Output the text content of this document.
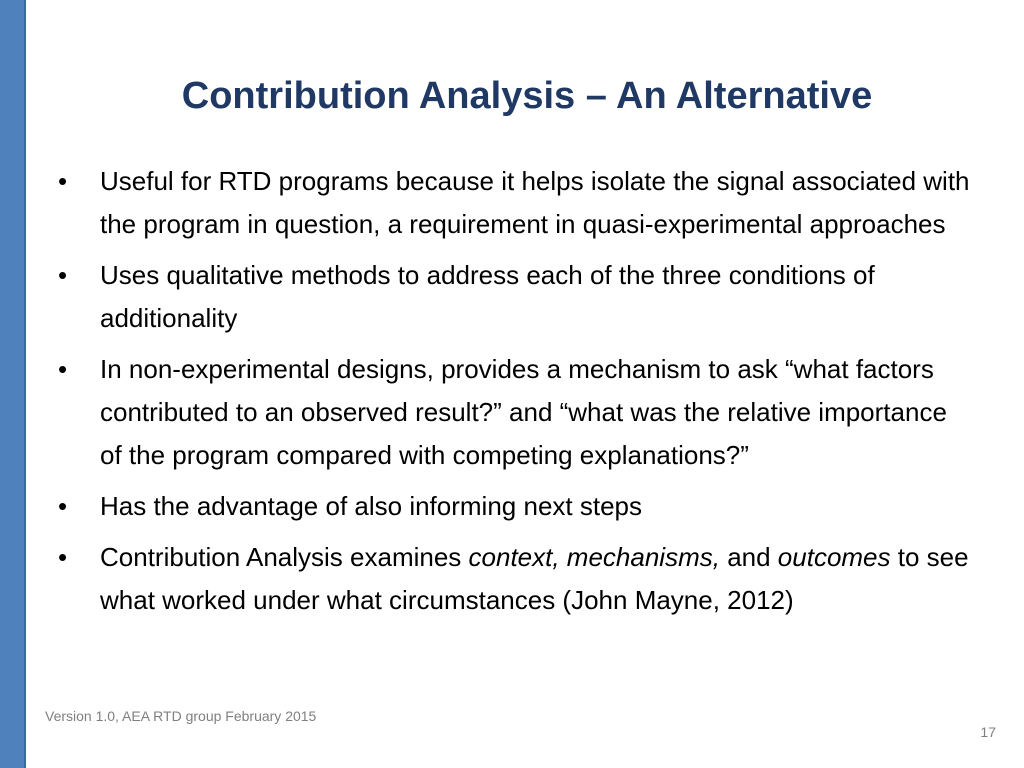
Contribution Analysis – An Alternative
• Useful for RTD programs because it helps isolate the signal associated with the program in question, a requirement in quasi-experimental approaches
• Uses qualitative methods to address each of the three conditions of additionality
• In non-experimental designs, provides a mechanism to ask “what factors contributed to an observed result?” and “what was the relative importance of the program compared with competing explanations?”
• Has the advantage of also informing next steps
• Contribution Analysis examines context, mechanisms, and outcomes to see what worked under what circumstances (John Mayne, 2012)
Version 1.0, AEA RTD group February 2015
17
